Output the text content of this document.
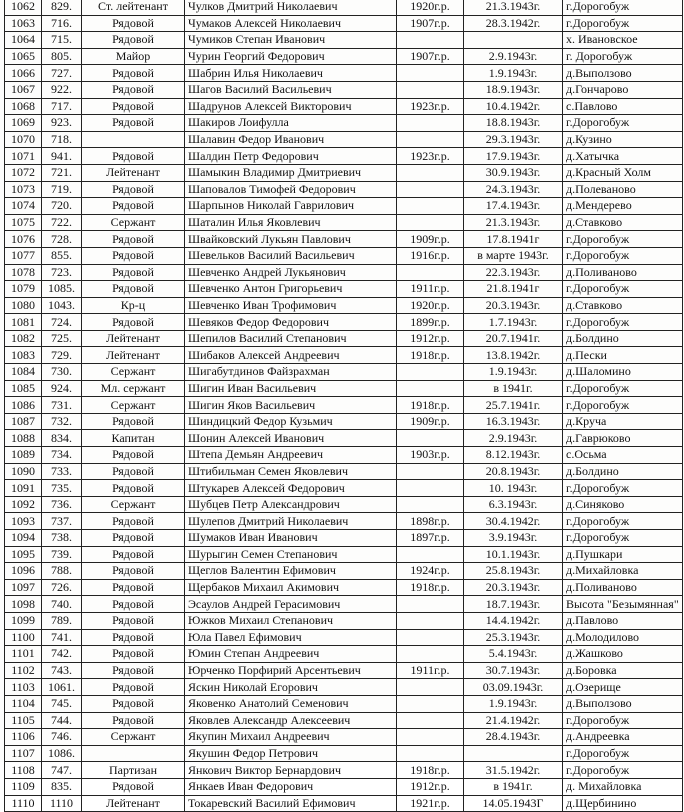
1062	829.	Ст. лейтенант	Чулков Дмитрий Николаевич	1920г.р.	21.3.1943г.	г.Дорогобуж
1063	716.	Рядовой	Чумаков Алексей Николаевич	1907г.р.	28.3.1942г.	г.Дорогобуж
1064	715.	Рядовой	Чумиков Степан Иванович			х. Ивановское
1065	805.	Майор	Чурин Георгий Федорович	1907г.р.	2.9.1943г.	г. Дорогобуж
1066	727.	Рядовой	Шабрин Илья Николаевич		1.9.1943г.	д.Выползово
1067	922.	Рядовой	Шагов Василий Васильевич		18.9.1943г.	д.Гончарово
1068	717.	Рядовой	Шадрунов Алексей Викторович	1923г.р.	10.4.1942г.	с.Павлово
1069	923.	Рядовой	Шакиров Лоифулла		18.8.1943г.	г.Дорогобуж
1070	718.		Шалавин Федор Иванович		29.3.1943г.	д.Кузино
1071	941.	Рядовой	Шалдин Петр Федорович	1923г.р.	17.9.1943г.	д.Хатычка
1072	721.	Лейтенант	Шамыкин Владимир Дмитриевич		30.9.1943г.	д.Красный Холм
1073	719.	Рядовой	Шаповалов Тимофей Федорович		24.3.1943г.	д.Полеваново
1074	720.	Рядовой	Шарпынов Николай Гаврилович		17.4.1943г.	д.Мендерево
1075	722.	Сержант	Шаталин Илья Яковлевич		21.3.1943г.	д.Ставково
1076	728.	Рядовой	Швайковский Лукьян Павлович	1909г.р.	17.8.1941г	г.Дорогобуж
1077	855.	Рядовой	Шевельков Василий Васильевич	1916г.р.	в марте 1943г.	г.Дорогобуж
1078	723.	Рядовой	Шевченко Андрей Лукьянович		22.3.1943г.	д.Поливаново
1079	1085.	Рядовой	Шевченко Антон Григорьевич	1911г.р.	21.8.1941г	г.Дорогобуж
1080	1043.	Кр-ц	Шевченко Иван Трофимович	1920г.р.	20.3.1943г.	д.Ставково
1081	724.	Рядовой	Шевяков Федор Федорович	1899г.р.	1.7.1943г.	г.Дорогобуж
1082	725.	Лейтенант	Шепилов Василий Степанович	1912г.р.	20.7.1941г.	д.Болдино
1083	729.	Лейтенант	Шибаков Алексей Андреевич	1918г.р.	13.8.1942г.	д.Пески
1084	730.	Сержант	Шигабутдинов Файзрахман		1.9.1943г.	д.Шаломино
1085	924.	Мл. сержант	Шигин Иван Васильевич		в 1941г.	г.Дорогобуж
1086	731.	Сержант	Шигин Яков Васильевич	1918г.р.	25.7.1941г.	г.Дорогобуж
1087	732.	Рядовой	Шиндицкий Федор Кузьмич	1909г.р.	16.3.1943г.	д.Круча
1088	834.	Капитан	Шонин Алексей Иванович		2.9.1943г.	д.Гаврюково
1089	734.	Рядовой	Штепа Демьян Андреевич	1903г.р.	8.12.1943г.	с.Осьма
1090	733.	Рядовой	Штибильман Семен Яковлевич		20.8.1943г.	д.Болдино
1091	735.	Рядовой	Штукарев Алексей Федорович		10. 1943г.	г.Дорогобуж
1092	736.	Сержант	Шубцев Петр Александрович		6.3.1943г.	д.Синяково
1093	737.	Рядовой	Шулепов Дмитрий Николаевич	1898г.р.	30.4.1942г.	г.Дорогобуж
1094	738.	Рядовой	Шумаков Иван Иванович	1897г.р.	3.9.1943г.	г.Дорогобуж
1095	739.	Рядовой	Шурыгин Семен Степанович		10.1.1943г.	д.Пушкари
1096	788.	Рядовой	Щеглов Валентин Ефимович	1924г.р.	25.8.1943г.	д.Михайловка
1097	726.	Рядовой	Щербаков Михаил Акимович	1918г.р.	20.3.1943г.	д.Поливаново
1098	740.	Рядовой	Эсаулов Андрей Герасимович		18.7.1943г.	Высота "Безымянная"
1099	789.	Рядовой	Южков Михаил Степанович		14.4.1942г.	д.Павлово
1100	741.	Рядовой	Юла Павел Ефимович		25.3.1943г.	д.Молодилово
1101	742.	Рядовой	Юмин Степан Андреевич		5.4.1943г.	д.Жашково
1102	743.	Рядовой	Юрченко Порфирий Арсентьевич	1911г.р.	30.7.1943г.	д.Боровка
1103	1061.	Рядовой	Яскин Николай Егорович		03.09.1943г.	д.Озерище
1104	745.	Рядовой	Яковенко Анатолий Семенович		1.9.1943г.	д.Выползово
1105	744.	Рядовой	Яковлев Александр Алексеевич		21.4.1942г.	г.Дорогобуж
1106	746.	Сержант	Якупин Михаил Андреевич		28.4.1943г.	д.Андреевка
1107	1086.		Якушин Федор Петрович			г.Дорогобуж
1108	747.	Партизан	Янкович Виктор Бернардович	1918г.р.	31.5.1942г.	г.Дорогобуж
1109	835.	Рядовой	Янкаев Иван Федорович	1912г.р.	в 1941г.	д. Михайловка
1110	1110	Лейтенант	Токаревский Василий Ефимович	1921г.р.	14.05.1943Г	д.Щербинино
